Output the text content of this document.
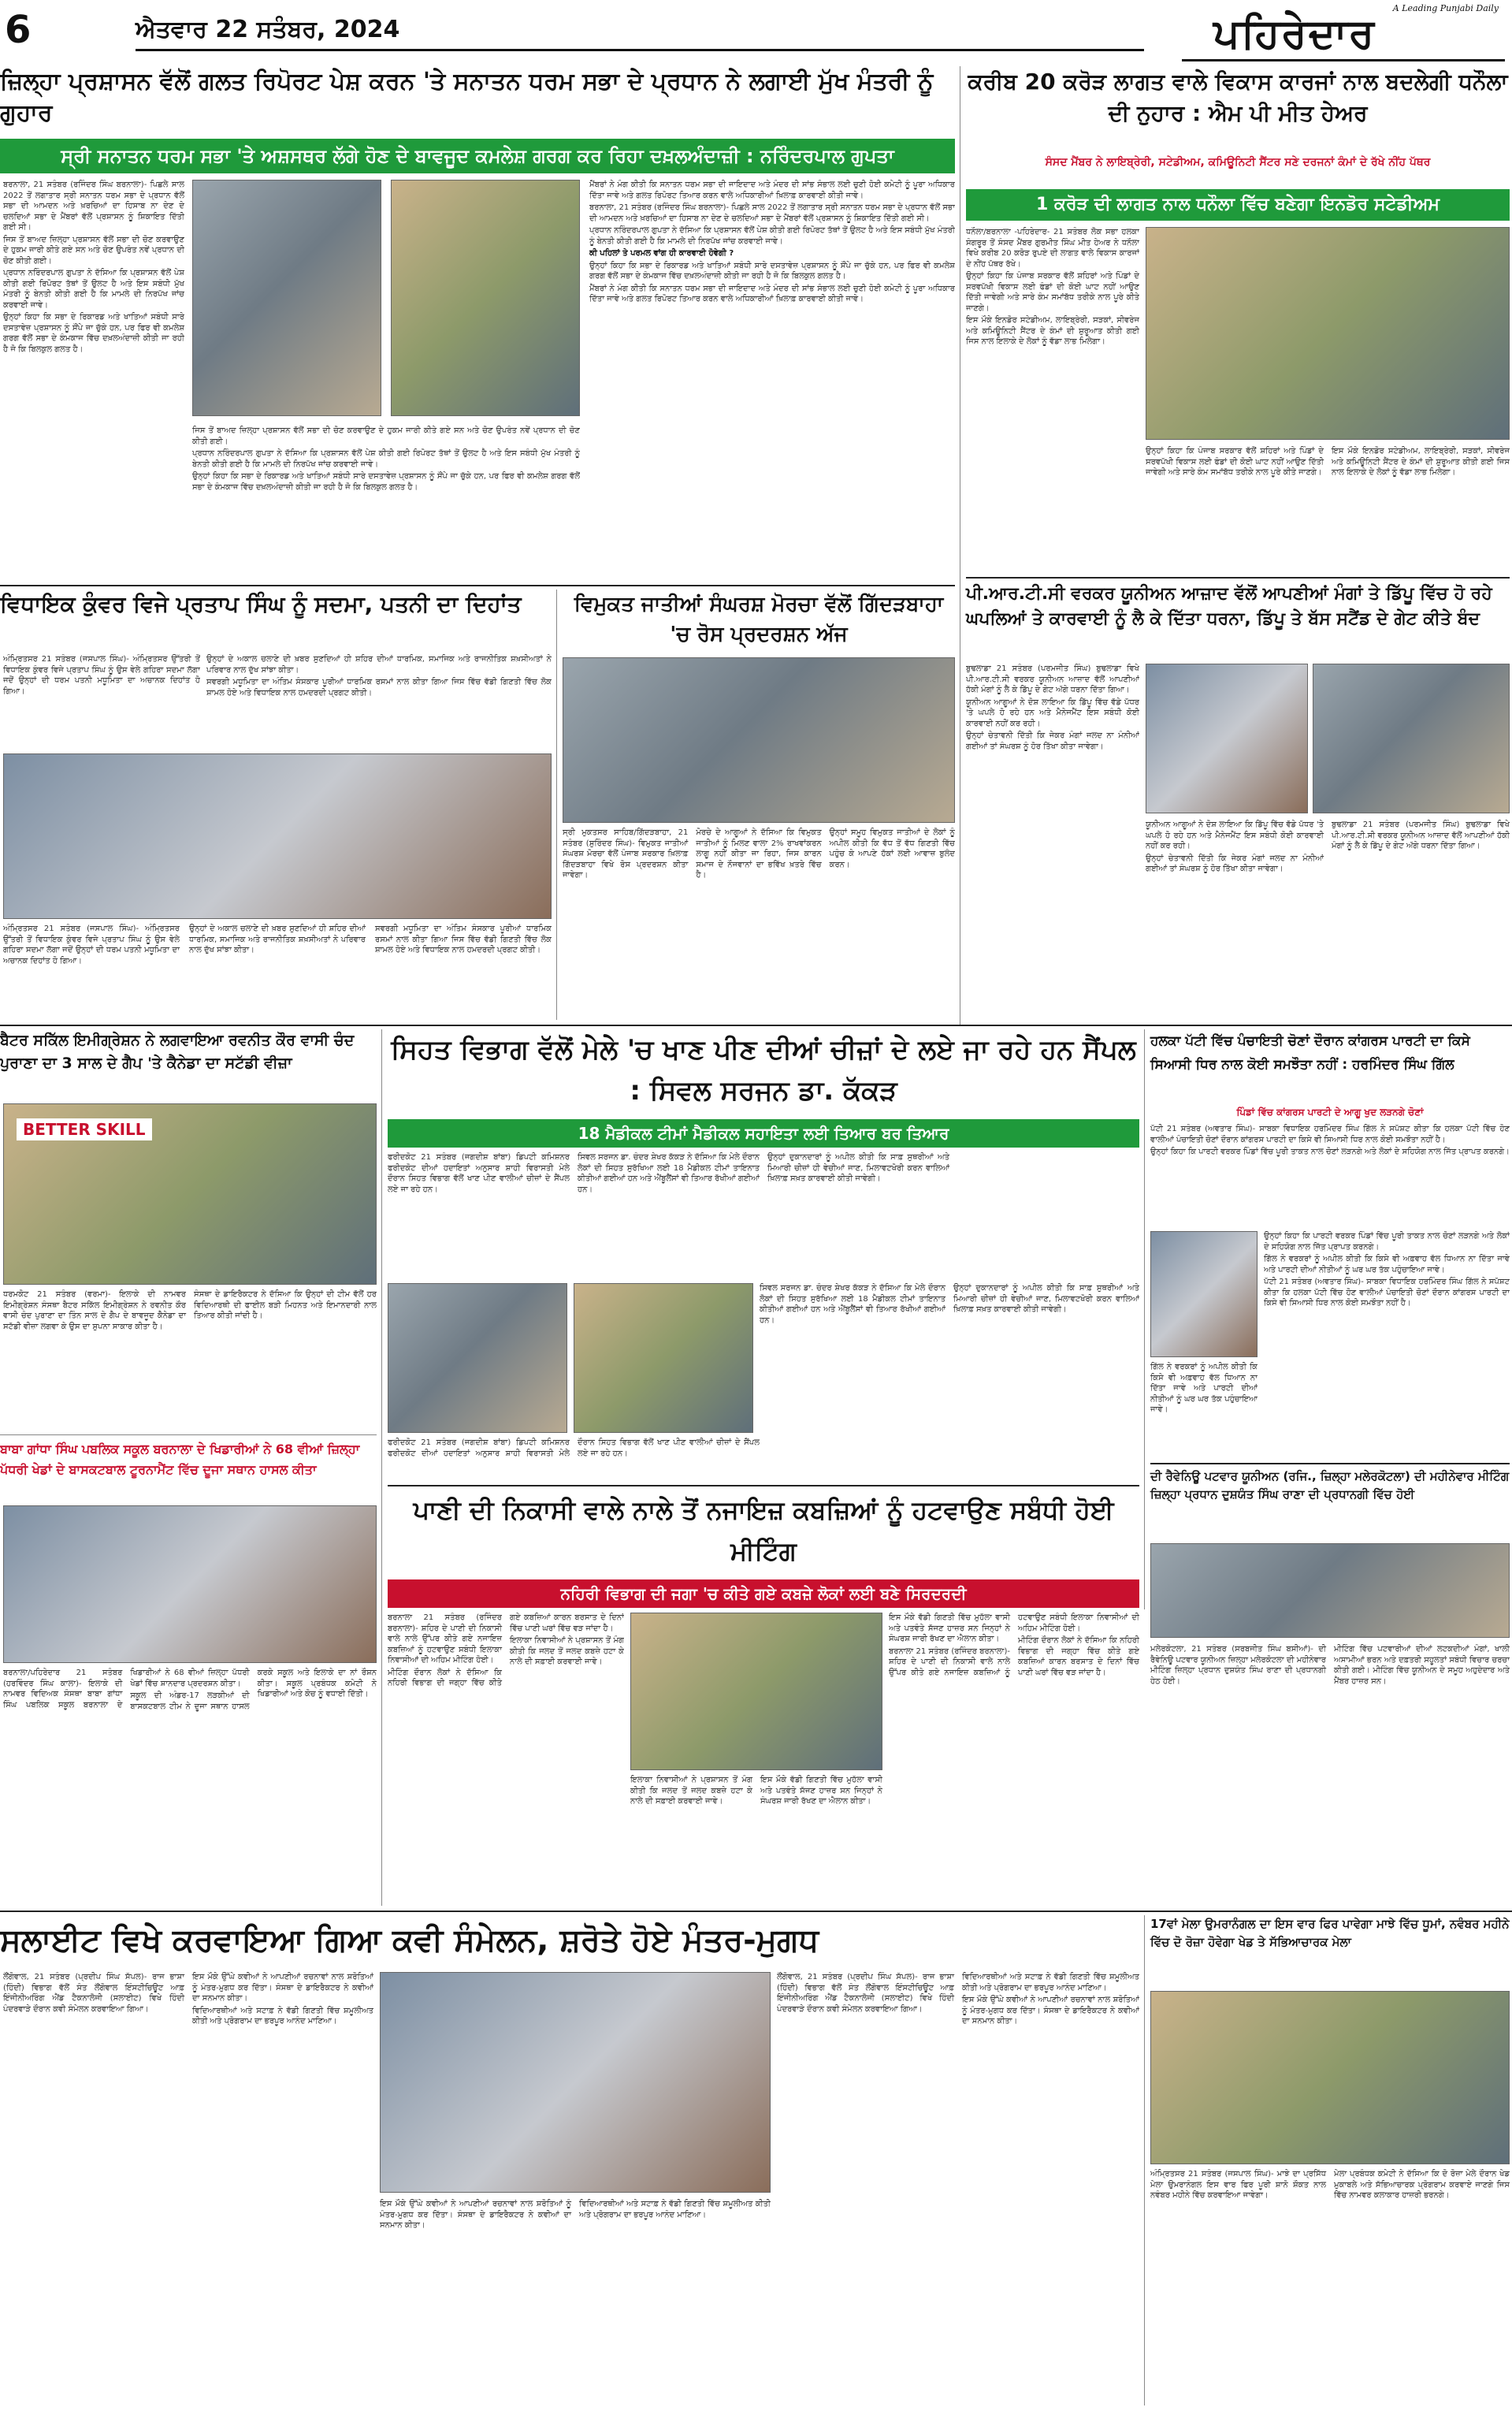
6	ਐਤਵਾਰ 22 ਸਤੰਬਰ, 2024
A Leading Punjabi Daily
ਪਹਿਰੇਦਾਰ
ਜ਼ਿਲ੍ਹਾ ਪ੍ਰਸ਼ਾਸਨ ਵੱਲੋਂ ਗਲਤ ਰਿਪੋਰਟ ਪੇਸ਼ ਕਰਨ 'ਤੇ ਸਨਾਤਨ ਧਰਮ ਸਭਾ ਦੇ ਪ੍ਰਧਾਨ ਨੇ ਲਗਾਈ ਮੁੱਖ ਮੰਤਰੀ ਨੂੰ ਗੁਹਾਰ
ਸ੍ਰੀ ਸਨਾਤਨ ਧਰਮ ਸਭਾ 'ਤੇ ਅਸ਼ਸਥਰ ਲੱਗੇ ਹੋਣ ਦੇ ਬਾਵਜੂਦ ਕਮਲੇਸ਼ ਗਰਗ ਕਰ ਰਿਹਾ ਦਖ਼ਲਅੰਦਾਜ਼ੀ : ਨਰਿੰਦਰਪਾਲ ਗੁਪਤਾ

ਬਰਨਾਲਾ, 21 ਸਤੰਬਰ (ਰਜਿੰਦਰ ਸਿੰਘ ਬਰਨਾਲਾ)- ਪਿਛਲੇ ਸਾਲ 2022 ਤੋਂ ਲਗਾਤਾਰ ਸ੍ਰੀ ਸਨਾਤਨ ਧਰਮ ਸਭਾ ਦੇ ਪ੍ਰਧਾਨ ਵੱਲੋਂ ਸਭਾ ਦੀ ਆਮਦਨ ਅਤੇ ਖ਼ਰਚਿਆਂ ਦਾ ਹਿਸਾਬ ਨਾ ਦੇਣ ਦੇ ਚਲਦਿਆਂ ਸਭਾ ਦੇ ਮੈਂਬਰਾਂ ਵੱਲੋਂ ਪ੍ਰਸ਼ਾਸਨ ਨੂੰ ਸ਼ਿਕਾਇਤ ਦਿੱਤੀ ਗਈ ਸੀ।

ਜਿਸ ਤੋਂ ਬਾਅਦ ਜ਼ਿਲ੍ਹਾ ਪ੍ਰਸ਼ਾਸਨ ਵੱਲੋਂ ਸਭਾ ਦੀ ਚੋਣ ਕਰਵਾਉਣ ਦੇ ਹੁਕਮ ਜਾਰੀ ਕੀਤੇ ਗਏ ਸਨ ਅਤੇ ਚੋਣ ਉਪਰੰਤ ਨਵੇਂ ਪ੍ਰਧਾਨ ਦੀ ਚੋਣ ਕੀਤੀ ਗਈ।

ਪ੍ਰਧਾਨ ਨਰਿੰਦਰਪਾਲ ਗੁਪਤਾ ਨੇ ਦੱਸਿਆ ਕਿ ਪ੍ਰਸ਼ਾਸਨ ਵੱਲੋਂ ਪੇਸ਼ ਕੀਤੀ ਗਈ ਰਿਪੋਰਟ ਤੱਥਾਂ ਤੋਂ ਉਲਟ ਹੈ ਅਤੇ ਇਸ ਸਬੰਧੀ ਮੁੱਖ ਮੰਤਰੀ ਨੂੰ ਬੇਨਤੀ ਕੀਤੀ ਗਈ ਹੈ ਕਿ ਮਾਮਲੇ ਦੀ ਨਿਰਪੱਖ ਜਾਂਚ ਕਰਵਾਈ ਜਾਵੇ।

ਉਨ੍ਹਾਂ ਕਿਹਾ ਕਿ ਸਭਾ ਦੇ ਰਿਕਾਰਡ ਅਤੇ ਖਾਤਿਆਂ ਸਬੰਧੀ ਸਾਰੇ ਦਸਤਾਵੇਜ਼ ਪ੍ਰਸ਼ਾਸਨ ਨੂੰ ਸੌਂਪੇ ਜਾ ਚੁੱਕੇ ਹਨ, ਪਰ ਫਿਰ ਵੀ ਕਮਲੇਸ਼ ਗਰਗ ਵੱਲੋਂ ਸਭਾ ਦੇ ਕੰਮਕਾਜ ਵਿੱਚ ਦਖ਼ਲਅੰਦਾਜ਼ੀ ਕੀਤੀ ਜਾ ਰਹੀ ਹੈ ਜੋ ਕਿ ਬਿਲਕੁਲ ਗਲਤ ਹੈ।

ਜਿਸ ਤੋਂ ਬਾਅਦ ਜ਼ਿਲ੍ਹਾ ਪ੍ਰਸ਼ਾਸਨ ਵੱਲੋਂ ਸਭਾ ਦੀ ਚੋਣ ਕਰਵਾਉਣ ਦੇ ਹੁਕਮ ਜਾਰੀ ਕੀਤੇ ਗਏ ਸਨ ਅਤੇ ਚੋਣ ਉਪਰੰਤ ਨਵੇਂ ਪ੍ਰਧਾਨ ਦੀ ਚੋਣ ਕੀਤੀ ਗਈ।

ਪ੍ਰਧਾਨ ਨਰਿੰਦਰਪਾਲ ਗੁਪਤਾ ਨੇ ਦੱਸਿਆ ਕਿ ਪ੍ਰਸ਼ਾਸਨ ਵੱਲੋਂ ਪੇਸ਼ ਕੀਤੀ ਗਈ ਰਿਪੋਰਟ ਤੱਥਾਂ ਤੋਂ ਉਲਟ ਹੈ ਅਤੇ ਇਸ ਸਬੰਧੀ ਮੁੱਖ ਮੰਤਰੀ ਨੂੰ ਬੇਨਤੀ ਕੀਤੀ ਗਈ ਹੈ ਕਿ ਮਾਮਲੇ ਦੀ ਨਿਰਪੱਖ ਜਾਂਚ ਕਰਵਾਈ ਜਾਵੇ।

ਉਨ੍ਹਾਂ ਕਿਹਾ ਕਿ ਸਭਾ ਦੇ ਰਿਕਾਰਡ ਅਤੇ ਖਾਤਿਆਂ ਸਬੰਧੀ ਸਾਰੇ ਦਸਤਾਵੇਜ਼ ਪ੍ਰਸ਼ਾਸਨ ਨੂੰ ਸੌਂਪੇ ਜਾ ਚੁੱਕੇ ਹਨ, ਪਰ ਫਿਰ ਵੀ ਕਮਲੇਸ਼ ਗਰਗ ਵੱਲੋਂ ਸਭਾ ਦੇ ਕੰਮਕਾਜ ਵਿੱਚ ਦਖ਼ਲਅੰਦਾਜ਼ੀ ਕੀਤੀ ਜਾ ਰਹੀ ਹੈ ਜੋ ਕਿ ਬਿਲਕੁਲ ਗਲਤ ਹੈ।

ਮੈਂਬਰਾਂ ਨੇ ਮੰਗ ਕੀਤੀ ਕਿ ਸਨਾਤਨ ਧਰਮ ਸਭਾ ਦੀ ਜਾਇਦਾਦ ਅਤੇ ਮੰਦਰ ਦੀ ਸਾਂਭ ਸੰਭਾਲ ਲਈ ਚੁਣੀ ਹੋਈ ਕਮੇਟੀ ਨੂੰ ਪੂਰਾ ਅਧਿਕਾਰ ਦਿੱਤਾ ਜਾਵੇ ਅਤੇ ਗਲਤ ਰਿਪੋਰਟ ਤਿਆਰ ਕਰਨ ਵਾਲੇ ਅਧਿਕਾਰੀਆਂ ਖ਼ਿਲਾਫ਼ ਕਾਰਵਾਈ ਕੀਤੀ ਜਾਵੇ।

ਬਰਨਾਲਾ, 21 ਸਤੰਬਰ (ਰਜਿੰਦਰ ਸਿੰਘ ਬਰਨਾਲਾ)- ਪਿਛਲੇ ਸਾਲ 2022 ਤੋਂ ਲਗਾਤਾਰ ਸ੍ਰੀ ਸਨਾਤਨ ਧਰਮ ਸਭਾ ਦੇ ਪ੍ਰਧਾਨ ਵੱਲੋਂ ਸਭਾ ਦੀ ਆਮਦਨ ਅਤੇ ਖ਼ਰਚਿਆਂ ਦਾ ਹਿਸਾਬ ਨਾ ਦੇਣ ਦੇ ਚਲਦਿਆਂ ਸਭਾ ਦੇ ਮੈਂਬਰਾਂ ਵੱਲੋਂ ਪ੍ਰਸ਼ਾਸਨ ਨੂੰ ਸ਼ਿਕਾਇਤ ਦਿੱਤੀ ਗਈ ਸੀ।

ਪ੍ਰਧਾਨ ਨਰਿੰਦਰਪਾਲ ਗੁਪਤਾ ਨੇ ਦੱਸਿਆ ਕਿ ਪ੍ਰਸ਼ਾਸਨ ਵੱਲੋਂ ਪੇਸ਼ ਕੀਤੀ ਗਈ ਰਿਪੋਰਟ ਤੱਥਾਂ ਤੋਂ ਉਲਟ ਹੈ ਅਤੇ ਇਸ ਸਬੰਧੀ ਮੁੱਖ ਮੰਤਰੀ ਨੂੰ ਬੇਨਤੀ ਕੀਤੀ ਗਈ ਹੈ ਕਿ ਮਾਮਲੇ ਦੀ ਨਿਰਪੱਖ ਜਾਂਚ ਕਰਵਾਈ ਜਾਵੇ।

ਕੀ ਪਹਿਲਾਂ ਤੇ ਪਰਮਲ ਵਾਂਗ ਹੀ ਕਾਰਵਾਈ ਹੋਵੇਗੀ ?

ਉਨ੍ਹਾਂ ਕਿਹਾ ਕਿ ਸਭਾ ਦੇ ਰਿਕਾਰਡ ਅਤੇ ਖਾਤਿਆਂ ਸਬੰਧੀ ਸਾਰੇ ਦਸਤਾਵੇਜ਼ ਪ੍ਰਸ਼ਾਸਨ ਨੂੰ ਸੌਂਪੇ ਜਾ ਚੁੱਕੇ ਹਨ, ਪਰ ਫਿਰ ਵੀ ਕਮਲੇਸ਼ ਗਰਗ ਵੱਲੋਂ ਸਭਾ ਦੇ ਕੰਮਕਾਜ ਵਿੱਚ ਦਖ਼ਲਅੰਦਾਜ਼ੀ ਕੀਤੀ ਜਾ ਰਹੀ ਹੈ ਜੋ ਕਿ ਬਿਲਕੁਲ ਗਲਤ ਹੈ।

ਮੈਂਬਰਾਂ ਨੇ ਮੰਗ ਕੀਤੀ ਕਿ ਸਨਾਤਨ ਧਰਮ ਸਭਾ ਦੀ ਜਾਇਦਾਦ ਅਤੇ ਮੰਦਰ ਦੀ ਸਾਂਭ ਸੰਭਾਲ ਲਈ ਚੁਣੀ ਹੋਈ ਕਮੇਟੀ ਨੂੰ ਪੂਰਾ ਅਧਿਕਾਰ ਦਿੱਤਾ ਜਾਵੇ ਅਤੇ ਗਲਤ ਰਿਪੋਰਟ ਤਿਆਰ ਕਰਨ ਵਾਲੇ ਅਧਿਕਾਰੀਆਂ ਖ਼ਿਲਾਫ਼ ਕਾਰਵਾਈ ਕੀਤੀ ਜਾਵੇ।

ਵਿਧਾਇਕ ਕੁੰਵਰ ਵਿਜੇ ਪ੍ਰਤਾਪ ਸਿੰਘ ਨੂੰ ਸਦਮਾ, ਪਤਨੀ ਦਾ ਦਿਹਾਂਤ

ਅੰਮ੍ਰਿਤਸਰ 21 ਸਤੰਬਰ (ਜਸਪਾਲ ਸਿੰਘ)- ਅੰਮ੍ਰਿਤਸਰ ਉੱਤਰੀ ਤੋਂ ਵਿਧਾਇਕ ਕੁੰਵਰ ਵਿਜੇ ਪ੍ਰਤਾਪ ਸਿੰਘ ਨੂੰ ਉਸ ਵੇਲੇ ਗਹਿਰਾ ਸਦਮਾ ਲੱਗਾ ਜਦੋਂ ਉਨ੍ਹਾਂ ਦੀ ਧਰਮ ਪਤਨੀ ਮਧੂਮਿਤਾ ਦਾ ਅਚਾਨਕ ਦਿਹਾਂਤ ਹੋ ਗਿਆ।

ਉਨ੍ਹਾਂ ਦੇ ਅਕਾਲ ਚਲਾਣੇ ਦੀ ਖ਼ਬਰ ਸੁਣਦਿਆਂ ਹੀ ਸ਼ਹਿਰ ਦੀਆਂ ਧਾਰਮਿਕ, ਸਮਾਜਿਕ ਅਤੇ ਰਾਜਨੀਤਿਕ ਸ਼ਖ਼ਸੀਅਤਾਂ ਨੇ ਪਰਿਵਾਰ ਨਾਲ ਦੁੱਖ ਸਾਂਝਾ ਕੀਤਾ।

ਸਵਰਗੀ ਮਧੂਮਿਤਾ ਦਾ ਅੰਤਿਮ ਸੰਸਕਾਰ ਪੂਰੀਆਂ ਧਾਰਮਿਕ ਰਸਮਾਂ ਨਾਲ ਕੀਤਾ ਗਿਆ ਜਿਸ ਵਿੱਚ ਵੱਡੀ ਗਿਣਤੀ ਵਿੱਚ ਲੋਕ ਸ਼ਾਮਲ ਹੋਏ ਅਤੇ ਵਿਧਾਇਕ ਨਾਲ ਹਮਦਰਦੀ ਪ੍ਰਗਟ ਕੀਤੀ।

ਅੰਮ੍ਰਿਤਸਰ 21 ਸਤੰਬਰ (ਜਸਪਾਲ ਸਿੰਘ)- ਅੰਮ੍ਰਿਤਸਰ ਉੱਤਰੀ ਤੋਂ ਵਿਧਾਇਕ ਕੁੰਵਰ ਵਿਜੇ ਪ੍ਰਤਾਪ ਸਿੰਘ ਨੂੰ ਉਸ ਵੇਲੇ ਗਹਿਰਾ ਸਦਮਾ ਲੱਗਾ ਜਦੋਂ ਉਨ੍ਹਾਂ ਦੀ ਧਰਮ ਪਤਨੀ ਮਧੂਮਿਤਾ ਦਾ ਅਚਾਨਕ ਦਿਹਾਂਤ ਹੋ ਗਿਆ।

ਉਨ੍ਹਾਂ ਦੇ ਅਕਾਲ ਚਲਾਣੇ ਦੀ ਖ਼ਬਰ ਸੁਣਦਿਆਂ ਹੀ ਸ਼ਹਿਰ ਦੀਆਂ ਧਾਰਮਿਕ, ਸਮਾਜਿਕ ਅਤੇ ਰਾਜਨੀਤਿਕ ਸ਼ਖ਼ਸੀਅਤਾਂ ਨੇ ਪਰਿਵਾਰ ਨਾਲ ਦੁੱਖ ਸਾਂਝਾ ਕੀਤਾ।

ਸਵਰਗੀ ਮਧੂਮਿਤਾ ਦਾ ਅੰਤਿਮ ਸੰਸਕਾਰ ਪੂਰੀਆਂ ਧਾਰਮਿਕ ਰਸਮਾਂ ਨਾਲ ਕੀਤਾ ਗਿਆ ਜਿਸ ਵਿੱਚ ਵੱਡੀ ਗਿਣਤੀ ਵਿੱਚ ਲੋਕ ਸ਼ਾਮਲ ਹੋਏ ਅਤੇ ਵਿਧਾਇਕ ਨਾਲ ਹਮਦਰਦੀ ਪ੍ਰਗਟ ਕੀਤੀ।

ਵਿਮੁਕਤ ਜਾਤੀਆਂ ਸੰਘਰਸ਼ ਮੋਰਚਾ ਵੱਲੋਂ ਗਿੱਦੜਬਾਹਾ 'ਚ ਰੋਸ ਪ੍ਰਦਰਸ਼ਨ ਅੱਜ

ਸ੍ਰੀ ਮੁਕਤਸਰ ਸਾਹਿਬ/ਗਿੱਦੜਬਾਹਾ, 21 ਸਤੰਬਰ (ਸੁਰਿੰਦਰ ਸਿੰਘ)- ਵਿਮੁਕਤ ਜਾਤੀਆਂ ਸੰਘਰਸ਼ ਮੋਰਚਾ ਵੱਲੋਂ ਪੰਜਾਬ ਸਰਕਾਰ ਖ਼ਿਲਾਫ਼ ਗਿੱਦੜਬਾਹਾ ਵਿਖੇ ਰੋਸ ਪ੍ਰਦਰਸ਼ਨ ਕੀਤਾ ਜਾਵੇਗਾ।

ਮੋਰਚੇ ਦੇ ਆਗੂਆਂ ਨੇ ਦੱਸਿਆ ਕਿ ਵਿਮੁਕਤ ਜਾਤੀਆਂ ਨੂੰ ਮਿਲਣ ਵਾਲਾ 2% ਰਾਖਵਾਂਕਰਨ ਲਾਗੂ ਨਹੀਂ ਕੀਤਾ ਜਾ ਰਿਹਾ, ਜਿਸ ਕਾਰਨ ਸਮਾਜ ਦੇ ਨੌਜਵਾਨਾਂ ਦਾ ਭਵਿੱਖ ਖ਼ਤਰੇ ਵਿੱਚ ਹੈ।

ਉਨ੍ਹਾਂ ਸਮੂਹ ਵਿਮੁਕਤ ਜਾਤੀਆਂ ਦੇ ਲੋਕਾਂ ਨੂੰ ਅਪੀਲ ਕੀਤੀ ਕਿ ਵੱਧ ਤੋਂ ਵੱਧ ਗਿਣਤੀ ਵਿੱਚ ਪਹੁੰਚ ਕੇ ਆਪਣੇ ਹੱਕਾਂ ਲਈ ਆਵਾਜ਼ ਬੁਲੰਦ ਕਰਨ।

ਕਰੀਬ 20 ਕਰੋੜ ਲਾਗਤ ਵਾਲੇ ਵਿਕਾਸ ਕਾਰਜਾਂ ਨਾਲ ਬਦਲੇਗੀ ਧਨੌਲਾ ਦੀ ਨੁਹਾਰ : ਐਮ ਪੀ ਮੀਤ ਹੇਅਰ
ਸੰਸਦ ਮੈਂਬਰ ਨੇ ਲਾਇਬ੍ਰੇਰੀ, ਸਟੇਡੀਅਮ, ਕਮਿਊਨਿਟੀ ਸੈਂਟਰ ਸਣੇ ਦਰਜਨਾਂ ਕੰਮਾਂ ਦੇ ਰੱਖੇ ਨੀਂਹ ਪੱਥਰ
1 ਕਰੋੜ ਦੀ ਲਾਗਤ ਨਾਲ ਧਨੌਲਾ ਵਿੱਚ ਬਣੇਗਾ ਇਨਡੋਰ ਸਟੇਡੀਅਮ

ਧਨੌਲਾ/ਬਰਨਾਲਾ -ਪਹਿਰੇਦਾਰ- 21 ਸਤੰਬਰ ਲੋਕ ਸਭਾ ਹਲਕਾ ਸੰਗਰੂਰ ਤੋਂ ਸੰਸਦ ਮੈਂਬਰ ਗੁਰਮੀਤ ਸਿੰਘ ਮੀਤ ਹੇਅਰ ਨੇ ਧਨੌਲਾ ਵਿਖੇ ਕਰੀਬ 20 ਕਰੋੜ ਰੁਪਏ ਦੀ ਲਾਗਤ ਵਾਲੇ ਵਿਕਾਸ ਕਾਰਜਾਂ ਦੇ ਨੀਂਹ ਪੱਥਰ ਰੱਖੇ।

ਉਨ੍ਹਾਂ ਕਿਹਾ ਕਿ ਪੰਜਾਬ ਸਰਕਾਰ ਵੱਲੋਂ ਸ਼ਹਿਰਾਂ ਅਤੇ ਪਿੰਡਾਂ ਦੇ ਸਰਵਪੱਖੀ ਵਿਕਾਸ ਲਈ ਫੰਡਾਂ ਦੀ ਕੋਈ ਘਾਟ ਨਹੀਂ ਆਉਣ ਦਿੱਤੀ ਜਾਵੇਗੀ ਅਤੇ ਸਾਰੇ ਕੰਮ ਸਮਾਂਬੱਧ ਤਰੀਕੇ ਨਾਲ ਪੂਰੇ ਕੀਤੇ ਜਾਣਗੇ।

ਇਸ ਮੌਕੇ ਇਨਡੋਰ ਸਟੇਡੀਅਮ, ਲਾਇਬ੍ਰੇਰੀ, ਸੜਕਾਂ, ਸੀਵਰੇਜ ਅਤੇ ਕਮਿਊਨਿਟੀ ਸੈਂਟਰ ਦੇ ਕੰਮਾਂ ਦੀ ਸ਼ੁਰੂਆਤ ਕੀਤੀ ਗਈ ਜਿਸ ਨਾਲ ਇਲਾਕੇ ਦੇ ਲੋਕਾਂ ਨੂੰ ਵੱਡਾ ਲਾਭ ਮਿਲੇਗਾ।

ਉਨ੍ਹਾਂ ਕਿਹਾ ਕਿ ਪੰਜਾਬ ਸਰਕਾਰ ਵੱਲੋਂ ਸ਼ਹਿਰਾਂ ਅਤੇ ਪਿੰਡਾਂ ਦੇ ਸਰਵਪੱਖੀ ਵਿਕਾਸ ਲਈ ਫੰਡਾਂ ਦੀ ਕੋਈ ਘਾਟ ਨਹੀਂ ਆਉਣ ਦਿੱਤੀ ਜਾਵੇਗੀ ਅਤੇ ਸਾਰੇ ਕੰਮ ਸਮਾਂਬੱਧ ਤਰੀਕੇ ਨਾਲ ਪੂਰੇ ਕੀਤੇ ਜਾਣਗੇ।

ਇਸ ਮੌਕੇ ਇਨਡੋਰ ਸਟੇਡੀਅਮ, ਲਾਇਬ੍ਰੇਰੀ, ਸੜਕਾਂ, ਸੀਵਰੇਜ ਅਤੇ ਕਮਿਊਨਿਟੀ ਸੈਂਟਰ ਦੇ ਕੰਮਾਂ ਦੀ ਸ਼ੁਰੂਆਤ ਕੀਤੀ ਗਈ ਜਿਸ ਨਾਲ ਇਲਾਕੇ ਦੇ ਲੋਕਾਂ ਨੂੰ ਵੱਡਾ ਲਾਭ ਮਿਲੇਗਾ।

ਪੀ.ਆਰ.ਟੀ.ਸੀ ਵਰਕਰ ਯੂਨੀਅਨ ਆਜ਼ਾਦ ਵੱਲੋਂ ਆਪਣੀਆਂ ਮੰਗਾਂ ਤੇ ਡਿੱਪੂ ਵਿੱਚ ਹੋ ਰਹੇ ਘਪਲਿਆਂ ਤੇ ਕਾਰਵਾਈ ਨੂੰ ਲੈ ਕੇ ਦਿੱਤਾ ਧਰਨਾ, ਡਿੱਪੂ ਤੇ ਬੱਸ ਸਟੈਂਡ ਦੇ ਗੇਟ ਕੀਤੇ ਬੰਦ

ਬੁਢਲਾਡਾ 21 ਸਤੰਬਰ (ਪਰਮਜੀਤ ਸਿੰਘ) ਬੁਢਲਾਡਾ ਵਿਖੇ ਪੀ.ਆਰ.ਟੀ.ਸੀ ਵਰਕਰ ਯੂਨੀਅਨ ਆਜ਼ਾਦ ਵੱਲੋਂ ਆਪਣੀਆਂ ਹੱਕੀ ਮੰਗਾਂ ਨੂੰ ਲੈ ਕੇ ਡਿੱਪੂ ਦੇ ਗੇਟ ਅੱਗੇ ਧਰਨਾ ਦਿੱਤਾ ਗਿਆ।

ਯੂਨੀਅਨ ਆਗੂਆਂ ਨੇ ਦੋਸ਼ ਲਾਇਆ ਕਿ ਡਿੱਪੂ ਵਿੱਚ ਵੱਡੇ ਪੱਧਰ 'ਤੇ ਘਪਲੇ ਹੋ ਰਹੇ ਹਨ ਅਤੇ ਮੈਨੇਜਮੈਂਟ ਇਸ ਸਬੰਧੀ ਕੋਈ ਕਾਰਵਾਈ ਨਹੀਂ ਕਰ ਰਹੀ।

ਉਨ੍ਹਾਂ ਚੇਤਾਵਨੀ ਦਿੱਤੀ ਕਿ ਜੇਕਰ ਮੰਗਾਂ ਜਲਦ ਨਾ ਮੰਨੀਆਂ ਗਈਆਂ ਤਾਂ ਸੰਘਰਸ਼ ਨੂੰ ਹੋਰ ਤਿੱਖਾ ਕੀਤਾ ਜਾਵੇਗਾ।

ਯੂਨੀਅਨ ਆਗੂਆਂ ਨੇ ਦੋਸ਼ ਲਾਇਆ ਕਿ ਡਿੱਪੂ ਵਿੱਚ ਵੱਡੇ ਪੱਧਰ 'ਤੇ ਘਪਲੇ ਹੋ ਰਹੇ ਹਨ ਅਤੇ ਮੈਨੇਜਮੈਂਟ ਇਸ ਸਬੰਧੀ ਕੋਈ ਕਾਰਵਾਈ ਨਹੀਂ ਕਰ ਰਹੀ।

ਉਨ੍ਹਾਂ ਚੇਤਾਵਨੀ ਦਿੱਤੀ ਕਿ ਜੇਕਰ ਮੰਗਾਂ ਜਲਦ ਨਾ ਮੰਨੀਆਂ ਗਈਆਂ ਤਾਂ ਸੰਘਰਸ਼ ਨੂੰ ਹੋਰ ਤਿੱਖਾ ਕੀਤਾ ਜਾਵੇਗਾ।

ਬੁਢਲਾਡਾ 21 ਸਤੰਬਰ (ਪਰਮਜੀਤ ਸਿੰਘ) ਬੁਢਲਾਡਾ ਵਿਖੇ ਪੀ.ਆਰ.ਟੀ.ਸੀ ਵਰਕਰ ਯੂਨੀਅਨ ਆਜ਼ਾਦ ਵੱਲੋਂ ਆਪਣੀਆਂ ਹੱਕੀ ਮੰਗਾਂ ਨੂੰ ਲੈ ਕੇ ਡਿੱਪੂ ਦੇ ਗੇਟ ਅੱਗੇ ਧਰਨਾ ਦਿੱਤਾ ਗਿਆ।

ਬੈਟਰ ਸਕਿੱਲ ਇਮੀਗ੍ਰੇਸ਼ਨ ਨੇ ਲਗਵਾਇਆ ਰਵਨੀਤ ਕੌਰ ਵਾਸੀ ਚੰਦ ਪੁਰਾਣਾ ਦਾ 3 ਸਾਲ ਦੇ ਗੈਪ 'ਤੇ ਕੈਨੇਡਾ ਦਾ ਸਟੱਡੀ ਵੀਜ਼ਾ
BETTER SKILL

ਧਰਮਕੋਟ 21 ਸਤੰਬਰ (ਵਰਮਾ)- ਇਲਾਕੇ ਦੀ ਨਾਮਵਰ ਇਮੀਗ੍ਰੇਸ਼ਨ ਸੰਸਥਾ ਬੈਟਰ ਸਕਿੱਲ ਇਮੀਗ੍ਰੇਸ਼ਨ ਨੇ ਰਵਨੀਤ ਕੌਰ ਵਾਸੀ ਚੰਦ ਪੁਰਾਣਾ ਦਾ ਤਿੰਨ ਸਾਲ ਦੇ ਗੈਪ ਦੇ ਬਾਵਜੂਦ ਕੈਨੇਡਾ ਦਾ ਸਟੱਡੀ ਵੀਜ਼ਾ ਲਗਵਾ ਕੇ ਉਸ ਦਾ ਸੁਪਨਾ ਸਾਕਾਰ ਕੀਤਾ ਹੈ।

ਸੰਸਥਾ ਦੇ ਡਾਇਰੈਕਟਰ ਨੇ ਦੱਸਿਆ ਕਿ ਉਨ੍ਹਾਂ ਦੀ ਟੀਮ ਵੱਲੋਂ ਹਰ ਵਿਦਿਆਰਥੀ ਦੀ ਫਾਈਲ ਬੜੀ ਮਿਹਨਤ ਅਤੇ ਇਮਾਨਦਾਰੀ ਨਾਲ ਤਿਆਰ ਕੀਤੀ ਜਾਂਦੀ ਹੈ।

ਬਾਬਾ ਗਾਂਧਾ ਸਿੰਘ ਪਬਲਿਕ ਸਕੂਲ ਬਰਨਾਲਾ ਦੇ ਖਿਡਾਰੀਆਂ ਨੇ 68 ਵੀਆਂ ਜ਼ਿਲ੍ਹਾ ਪੱਧਰੀ ਖੇਡਾਂ ਦੇ ਬਾਸਕਟਬਾਲ ਟੂਰਨਾਮੈਂਟ ਵਿੱਚ ਦੂਜਾ ਸਥਾਨ ਹਾਸਲ ਕੀਤਾ

ਬਰਨਾਲਾ/ਪਹਿਰੇਦਾਰ 21 ਸਤੰਬਰ (ਹਰਵਿੰਦਰ ਸਿੰਘ ਕਾਲਾ)- ਇਲਾਕੇ ਦੀ ਨਾਮਵਰ ਵਿਦਿਅਕ ਸੰਸਥਾ ਬਾਬਾ ਗਾਂਧਾ ਸਿੰਘ ਪਬਲਿਕ ਸਕੂਲ ਬਰਨਾਲਾ ਦੇ ਖਿਡਾਰੀਆਂ ਨੇ 68 ਵੀਆਂ ਜ਼ਿਲ੍ਹਾ ਪੱਧਰੀ ਖੇਡਾਂ ਵਿੱਚ ਸ਼ਾਨਦਾਰ ਪ੍ਰਦਰਸ਼ਨ ਕੀਤਾ।

ਸਕੂਲ ਦੀ ਅੰਡਰ-17 ਲੜਕੀਆਂ ਦੀ ਬਾਸਕਟਬਾਲ ਟੀਮ ਨੇ ਦੂਜਾ ਸਥਾਨ ਹਾਸਲ ਕਰਕੇ ਸਕੂਲ ਅਤੇ ਇਲਾਕੇ ਦਾ ਨਾਂ ਰੌਸ਼ਨ ਕੀਤਾ। ਸਕੂਲ ਪ੍ਰਬੰਧਕ ਕਮੇਟੀ ਨੇ ਖਿਡਾਰੀਆਂ ਅਤੇ ਕੋਚ ਨੂੰ ਵਧਾਈ ਦਿੱਤੀ।

ਸਿਹਤ ਵਿਭਾਗ ਵੱਲੋਂ ਮੇਲੇ 'ਚ ਖਾਣ ਪੀਣ ਦੀਆਂ ਚੀਜ਼ਾਂ ਦੇ ਲਏ ਜਾ ਰਹੇ ਹਨ ਸੈਂਪਲ : ਸਿਵਲ ਸਰਜਨ ਡਾ. ਕੱਕੜ
18 ਮੈਡੀਕਲ ਟੀਮਾਂ ਮੈਡੀਕਲ ਸਹਾਇਤਾ ਲਈ ਤਿਆਰ ਬਰ ਤਿਆਰ

ਫਰੀਦਕੋਟ 21 ਸਤੰਬਰ (ਜਗਦੀਸ਼ ਬਾਂਬਾ) ਡਿਪਟੀ ਕਮਿਸ਼ਨਰ ਫਰੀਦਕੋਟ ਦੀਆਂ ਹਦਾਇਤਾਂ ਅਨੁਸਾਰ ਸ਼ਾਹੀ ਵਿਰਾਸਤੀ ਮੇਲੇ ਦੌਰਾਨ ਸਿਹਤ ਵਿਭਾਗ ਵੱਲੋਂ ਖਾਣ ਪੀਣ ਵਾਲੀਆਂ ਚੀਜ਼ਾਂ ਦੇ ਸੈਂਪਲ ਲਏ ਜਾ ਰਹੇ ਹਨ।

ਸਿਵਲ ਸਰਜਨ ਡਾ. ਚੰਦਰ ਸ਼ੇਖਰ ਕੱਕੜ ਨੇ ਦੱਸਿਆ ਕਿ ਮੇਲੇ ਦੌਰਾਨ ਲੋਕਾਂ ਦੀ ਸਿਹਤ ਸੁਰੱਖਿਆ ਲਈ 18 ਮੈਡੀਕਲ ਟੀਮਾਂ ਤਾਇਨਾਤ ਕੀਤੀਆਂ ਗਈਆਂ ਹਨ ਅਤੇ ਐਂਬੂਲੈਂਸਾਂ ਵੀ ਤਿਆਰ ਰੱਖੀਆਂ ਗਈਆਂ ਹਨ।

ਉਨ੍ਹਾਂ ਦੁਕਾਨਦਾਰਾਂ ਨੂੰ ਅਪੀਲ ਕੀਤੀ ਕਿ ਸਾਫ਼ ਸੁਥਰੀਆਂ ਅਤੇ ਮਿਆਰੀ ਚੀਜ਼ਾਂ ਹੀ ਵੇਚੀਆਂ ਜਾਣ, ਮਿਲਾਵਟਖੋਰੀ ਕਰਨ ਵਾਲਿਆਂ ਖ਼ਿਲਾਫ਼ ਸਖ਼ਤ ਕਾਰਵਾਈ ਕੀਤੀ ਜਾਵੇਗੀ।

ਸਿਵਲ ਸਰਜਨ ਡਾ. ਚੰਦਰ ਸ਼ੇਖਰ ਕੱਕੜ ਨੇ ਦੱਸਿਆ ਕਿ ਮੇਲੇ ਦੌਰਾਨ ਲੋਕਾਂ ਦੀ ਸਿਹਤ ਸੁਰੱਖਿਆ ਲਈ 18 ਮੈਡੀਕਲ ਟੀਮਾਂ ਤਾਇਨਾਤ ਕੀਤੀਆਂ ਗਈਆਂ ਹਨ ਅਤੇ ਐਂਬੂਲੈਂਸਾਂ ਵੀ ਤਿਆਰ ਰੱਖੀਆਂ ਗਈਆਂ ਹਨ।

ਉਨ੍ਹਾਂ ਦੁਕਾਨਦਾਰਾਂ ਨੂੰ ਅਪੀਲ ਕੀਤੀ ਕਿ ਸਾਫ਼ ਸੁਥਰੀਆਂ ਅਤੇ ਮਿਆਰੀ ਚੀਜ਼ਾਂ ਹੀ ਵੇਚੀਆਂ ਜਾਣ, ਮਿਲਾਵਟਖੋਰੀ ਕਰਨ ਵਾਲਿਆਂ ਖ਼ਿਲਾਫ਼ ਸਖ਼ਤ ਕਾਰਵਾਈ ਕੀਤੀ ਜਾਵੇਗੀ।

ਫਰੀਦਕੋਟ 21 ਸਤੰਬਰ (ਜਗਦੀਸ਼ ਬਾਂਬਾ) ਡਿਪਟੀ ਕਮਿਸ਼ਨਰ ਫਰੀਦਕੋਟ ਦੀਆਂ ਹਦਾਇਤਾਂ ਅਨੁਸਾਰ ਸ਼ਾਹੀ ਵਿਰਾਸਤੀ ਮੇਲੇ ਦੌਰਾਨ ਸਿਹਤ ਵਿਭਾਗ ਵੱਲੋਂ ਖਾਣ ਪੀਣ ਵਾਲੀਆਂ ਚੀਜ਼ਾਂ ਦੇ ਸੈਂਪਲ ਲਏ ਜਾ ਰਹੇ ਹਨ।

ਹਲਕਾ ਪੱਟੀ ਵਿੱਚ ਪੰਚਾਇਤੀ ਚੋਣਾਂ ਦੌਰਾਨ ਕਾਂਗਰਸ ਪਾਰਟੀ ਦਾ ਕਿਸੇ ਸਿਆਸੀ ਧਿਰ ਨਾਲ ਕੋਈ ਸਮਝੌਤਾ ਨਹੀਂ : ਹਰਮਿੰਦਰ ਸਿੰਘ ਗਿੱਲ
ਪਿੰਡਾਂ ਵਿੱਚ ਕਾਂਗਰਸ ਪਾਰਟੀ ਦੇ ਆਗੂ ਖੁਦ ਲੜਨਗੇ ਚੋਣਾਂ

ਪੱਟੀ 21 ਸਤੰਬਰ (ਅਵਤਾਰ ਸਿੰਘ)- ਸਾਬਕਾ ਵਿਧਾਇਕ ਹਰਮਿੰਦਰ ਸਿੰਘ ਗਿੱਲ ਨੇ ਸਪੱਸ਼ਟ ਕੀਤਾ ਕਿ ਹਲਕਾ ਪੱਟੀ ਵਿੱਚ ਹੋਣ ਵਾਲੀਆਂ ਪੰਚਾਇਤੀ ਚੋਣਾਂ ਦੌਰਾਨ ਕਾਂਗਰਸ ਪਾਰਟੀ ਦਾ ਕਿਸੇ ਵੀ ਸਿਆਸੀ ਧਿਰ ਨਾਲ ਕੋਈ ਸਮਝੌਤਾ ਨਹੀਂ ਹੈ।

ਉਨ੍ਹਾਂ ਕਿਹਾ ਕਿ ਪਾਰਟੀ ਵਰਕਰ ਪਿੰਡਾਂ ਵਿੱਚ ਪੂਰੀ ਤਾਕਤ ਨਾਲ ਚੋਣਾਂ ਲੜਨਗੇ ਅਤੇ ਲੋਕਾਂ ਦੇ ਸਹਿਯੋਗ ਨਾਲ ਜਿੱਤ ਪ੍ਰਾਪਤ ਕਰਨਗੇ।

ਉਨ੍ਹਾਂ ਕਿਹਾ ਕਿ ਪਾਰਟੀ ਵਰਕਰ ਪਿੰਡਾਂ ਵਿੱਚ ਪੂਰੀ ਤਾਕਤ ਨਾਲ ਚੋਣਾਂ ਲੜਨਗੇ ਅਤੇ ਲੋਕਾਂ ਦੇ ਸਹਿਯੋਗ ਨਾਲ ਜਿੱਤ ਪ੍ਰਾਪਤ ਕਰਨਗੇ।

ਗਿੱਲ ਨੇ ਵਰਕਰਾਂ ਨੂੰ ਅਪੀਲ ਕੀਤੀ ਕਿ ਕਿਸੇ ਵੀ ਅਫ਼ਵਾਹ ਵੱਲ ਧਿਆਨ ਨਾ ਦਿੱਤਾ ਜਾਵੇ ਅਤੇ ਪਾਰਟੀ ਦੀਆਂ ਨੀਤੀਆਂ ਨੂੰ ਘਰ ਘਰ ਤੱਕ ਪਹੁੰਚਾਇਆ ਜਾਵੇ।

ਪੱਟੀ 21 ਸਤੰਬਰ (ਅਵਤਾਰ ਸਿੰਘ)- ਸਾਬਕਾ ਵਿਧਾਇਕ ਹਰਮਿੰਦਰ ਸਿੰਘ ਗਿੱਲ ਨੇ ਸਪੱਸ਼ਟ ਕੀਤਾ ਕਿ ਹਲਕਾ ਪੱਟੀ ਵਿੱਚ ਹੋਣ ਵਾਲੀਆਂ ਪੰਚਾਇਤੀ ਚੋਣਾਂ ਦੌਰਾਨ ਕਾਂਗਰਸ ਪਾਰਟੀ ਦਾ ਕਿਸੇ ਵੀ ਸਿਆਸੀ ਧਿਰ ਨਾਲ ਕੋਈ ਸਮਝੌਤਾ ਨਹੀਂ ਹੈ।

ਗਿੱਲ ਨੇ ਵਰਕਰਾਂ ਨੂੰ ਅਪੀਲ ਕੀਤੀ ਕਿ ਕਿਸੇ ਵੀ ਅਫ਼ਵਾਹ ਵੱਲ ਧਿਆਨ ਨਾ ਦਿੱਤਾ ਜਾਵੇ ਅਤੇ ਪਾਰਟੀ ਦੀਆਂ ਨੀਤੀਆਂ ਨੂੰ ਘਰ ਘਰ ਤੱਕ ਪਹੁੰਚਾਇਆ ਜਾਵੇ।

ਦੀ ਰੈਵੇਨਿਊ ਪਟਵਾਰ ਯੂਨੀਅਨ (ਰਜਿ., ਜ਼ਿਲ੍ਹਾ ਮਲੇਰਕੋਟਲਾ) ਦੀ ਮਹੀਨੇਵਾਰ ਮੀਟਿੰਗ ਜ਼ਿਲ੍ਹਾ ਪ੍ਰਧਾਨ ਦੁਸ਼ਯੰਤ ਸਿੰਘ ਰਾਣਾ ਦੀ ਪ੍ਰਧਾਨਗੀ ਵਿੱਚ ਹੋਈ

ਮਲੇਰਕੋਟਲਾ, 21 ਸਤੰਬਰ (ਸਰਬਜੀਤ ਸਿੰਘ ਬਸੀਆਂ)- ਦੀ ਰੈਵੇਨਿਊ ਪਟਵਾਰ ਯੂਨੀਅਨ ਜ਼ਿਲ੍ਹਾ ਮਲੇਰਕੋਟਲਾ ਦੀ ਮਹੀਨੇਵਾਰ ਮੀਟਿੰਗ ਜ਼ਿਲ੍ਹਾ ਪ੍ਰਧਾਨ ਦੁਸ਼ਯੰਤ ਸਿੰਘ ਰਾਣਾ ਦੀ ਪ੍ਰਧਾਨਗੀ ਹੇਠ ਹੋਈ।

ਮੀਟਿੰਗ ਵਿੱਚ ਪਟਵਾਰੀਆਂ ਦੀਆਂ ਲਟਕਦੀਆਂ ਮੰਗਾਂ, ਖਾਲੀ ਅਸਾਮੀਆਂ ਭਰਨ ਅਤੇ ਦਫ਼ਤਰੀ ਸਹੂਲਤਾਂ ਸਬੰਧੀ ਵਿਚਾਰ ਚਰਚਾ ਕੀਤੀ ਗਈ। ਮੀਟਿੰਗ ਵਿੱਚ ਯੂਨੀਅਨ ਦੇ ਸਮੂਹ ਅਹੁਦੇਦਾਰ ਅਤੇ ਮੈਂਬਰ ਹਾਜ਼ਰ ਸਨ।

ਪਾਣੀ ਦੀ ਨਿਕਾਸੀ ਵਾਲੇ ਨਾਲੇ ਤੋਂ ਨਜਾਇਜ਼ ਕਬਜ਼ਿਆਂ ਨੂੰ ਹਟਵਾਉਣ ਸਬੰਧੀ ਹੋਈ ਮੀਟਿੰਗ
ਨਹਿਰੀ ਵਿਭਾਗ ਦੀ ਜਗਾ 'ਚ ਕੀਤੇ ਗਏ ਕਬਜ਼ੇ ਲੋਕਾਂ ਲਈ ਬਣੇ ਸਿਰਦਰਦੀ

ਬਰਨਾਲਾ 21 ਸਤੰਬਰ (ਰਜਿੰਦਰ ਬਰਨਾਲਾ)- ਸ਼ਹਿਰ ਦੇ ਪਾਣੀ ਦੀ ਨਿਕਾਸੀ ਵਾਲੇ ਨਾਲੇ ਉੱਪਰ ਕੀਤੇ ਗਏ ਨਜਾਇਜ਼ ਕਬਜ਼ਿਆਂ ਨੂੰ ਹਟਵਾਉਣ ਸਬੰਧੀ ਇਲਾਕਾ ਨਿਵਾਸੀਆਂ ਦੀ ਅਹਿਮ ਮੀਟਿੰਗ ਹੋਈ।

ਮੀਟਿੰਗ ਦੌਰਾਨ ਲੋਕਾਂ ਨੇ ਦੱਸਿਆ ਕਿ ਨਹਿਰੀ ਵਿਭਾਗ ਦੀ ਜਗ੍ਹਾ ਵਿੱਚ ਕੀਤੇ ਗਏ ਕਬਜ਼ਿਆਂ ਕਾਰਨ ਬਰਸਾਤ ਦੇ ਦਿਨਾਂ ਵਿੱਚ ਪਾਣੀ ਘਰਾਂ ਵਿੱਚ ਵੜ ਜਾਂਦਾ ਹੈ।

ਇਲਾਕਾ ਨਿਵਾਸੀਆਂ ਨੇ ਪ੍ਰਸ਼ਾਸਨ ਤੋਂ ਮੰਗ ਕੀਤੀ ਕਿ ਜਲਦ ਤੋਂ ਜਲਦ ਕਬਜ਼ੇ ਹਟਾ ਕੇ ਨਾਲੇ ਦੀ ਸਫ਼ਾਈ ਕਰਵਾਈ ਜਾਵੇ।

ਇਲਾਕਾ ਨਿਵਾਸੀਆਂ ਨੇ ਪ੍ਰਸ਼ਾਸਨ ਤੋਂ ਮੰਗ ਕੀਤੀ ਕਿ ਜਲਦ ਤੋਂ ਜਲਦ ਕਬਜ਼ੇ ਹਟਾ ਕੇ ਨਾਲੇ ਦੀ ਸਫ਼ਾਈ ਕਰਵਾਈ ਜਾਵੇ।

ਇਸ ਮੌਕੇ ਵੱਡੀ ਗਿਣਤੀ ਵਿੱਚ ਮੁਹੱਲਾ ਵਾਸੀ ਅਤੇ ਪਤਵੰਤੇ ਸੱਜਣ ਹਾਜ਼ਰ ਸਨ ਜਿਨ੍ਹਾਂ ਨੇ ਸੰਘਰਸ਼ ਜਾਰੀ ਰੱਖਣ ਦਾ ਐਲਾਨ ਕੀਤਾ।

ਇਸ ਮੌਕੇ ਵੱਡੀ ਗਿਣਤੀ ਵਿੱਚ ਮੁਹੱਲਾ ਵਾਸੀ ਅਤੇ ਪਤਵੰਤੇ ਸੱਜਣ ਹਾਜ਼ਰ ਸਨ ਜਿਨ੍ਹਾਂ ਨੇ ਸੰਘਰਸ਼ ਜਾਰੀ ਰੱਖਣ ਦਾ ਐਲਾਨ ਕੀਤਾ।

ਬਰਨਾਲਾ 21 ਸਤੰਬਰ (ਰਜਿੰਦਰ ਬਰਨਾਲਾ)- ਸ਼ਹਿਰ ਦੇ ਪਾਣੀ ਦੀ ਨਿਕਾਸੀ ਵਾਲੇ ਨਾਲੇ ਉੱਪਰ ਕੀਤੇ ਗਏ ਨਜਾਇਜ਼ ਕਬਜ਼ਿਆਂ ਨੂੰ ਹਟਵਾਉਣ ਸਬੰਧੀ ਇਲਾਕਾ ਨਿਵਾਸੀਆਂ ਦੀ ਅਹਿਮ ਮੀਟਿੰਗ ਹੋਈ।

ਮੀਟਿੰਗ ਦੌਰਾਨ ਲੋਕਾਂ ਨੇ ਦੱਸਿਆ ਕਿ ਨਹਿਰੀ ਵਿਭਾਗ ਦੀ ਜਗ੍ਹਾ ਵਿੱਚ ਕੀਤੇ ਗਏ ਕਬਜ਼ਿਆਂ ਕਾਰਨ ਬਰਸਾਤ ਦੇ ਦਿਨਾਂ ਵਿੱਚ ਪਾਣੀ ਘਰਾਂ ਵਿੱਚ ਵੜ ਜਾਂਦਾ ਹੈ।

ਸਲਾਈਟ ਵਿਖੇ ਕਰਵਾਇਆ ਗਿਆ ਕਵੀ ਸੰਮੇਲਨ, ਸ਼ਰੋਤੇ ਹੋਏ ਮੰਤਰ-ਮੁਗਧ

ਲੌਂਗੋਵਾਲ, 21 ਸਤੰਬਰ (ਪ੍ਰਦੀਪ ਸਿੰਘ ਸੱਪਲ)- ਰਾਜ ਭਾਸ਼ਾ (ਹਿੰਦੀ) ਵਿਭਾਗ ਵੱਲੋਂ ਸੰਤ ਲੌਂਗੋਵਾਲ ਇੰਸਟੀਚਿਊਟ ਆਫ਼ ਇੰਜੀਨੀਅਰਿੰਗ ਐਂਡ ਟੈਕਨਾਲੋਜੀ (ਸਲਾਈਟ) ਵਿਖੇ ਹਿੰਦੀ ਪੰਦਰਵਾੜੇ ਦੌਰਾਨ ਕਵੀ ਸੰਮੇਲਨ ਕਰਵਾਇਆ ਗਿਆ।

ਇਸ ਮੌਕੇ ਉੱਘੇ ਕਵੀਆਂ ਨੇ ਆਪਣੀਆਂ ਰਚਨਾਵਾਂ ਨਾਲ ਸ਼ਰੋਤਿਆਂ ਨੂੰ ਮੰਤਰ-ਮੁਗਧ ਕਰ ਦਿੱਤਾ। ਸੰਸਥਾ ਦੇ ਡਾਇਰੈਕਟਰ ਨੇ ਕਵੀਆਂ ਦਾ ਸਨਮਾਨ ਕੀਤਾ।

ਵਿਦਿਆਰਥੀਆਂ ਅਤੇ ਸਟਾਫ਼ ਨੇ ਵੱਡੀ ਗਿਣਤੀ ਵਿੱਚ ਸ਼ਮੂਲੀਅਤ ਕੀਤੀ ਅਤੇ ਪ੍ਰੋਗਰਾਮ ਦਾ ਭਰਪੂਰ ਆਨੰਦ ਮਾਣਿਆ।

ਇਸ ਮੌਕੇ ਉੱਘੇ ਕਵੀਆਂ ਨੇ ਆਪਣੀਆਂ ਰਚਨਾਵਾਂ ਨਾਲ ਸ਼ਰੋਤਿਆਂ ਨੂੰ ਮੰਤਰ-ਮੁਗਧ ਕਰ ਦਿੱਤਾ। ਸੰਸਥਾ ਦੇ ਡਾਇਰੈਕਟਰ ਨੇ ਕਵੀਆਂ ਦਾ ਸਨਮਾਨ ਕੀਤਾ।

ਵਿਦਿਆਰਥੀਆਂ ਅਤੇ ਸਟਾਫ਼ ਨੇ ਵੱਡੀ ਗਿਣਤੀ ਵਿੱਚ ਸ਼ਮੂਲੀਅਤ ਕੀਤੀ ਅਤੇ ਪ੍ਰੋਗਰਾਮ ਦਾ ਭਰਪੂਰ ਆਨੰਦ ਮਾਣਿਆ।

ਲੌਂਗੋਵਾਲ, 21 ਸਤੰਬਰ (ਪ੍ਰਦੀਪ ਸਿੰਘ ਸੱਪਲ)- ਰਾਜ ਭਾਸ਼ਾ (ਹਿੰਦੀ) ਵਿਭਾਗ ਵੱਲੋਂ ਸੰਤ ਲੌਂਗੋਵਾਲ ਇੰਸਟੀਚਿਊਟ ਆਫ਼ ਇੰਜੀਨੀਅਰਿੰਗ ਐਂਡ ਟੈਕਨਾਲੋਜੀ (ਸਲਾਈਟ) ਵਿਖੇ ਹਿੰਦੀ ਪੰਦਰਵਾੜੇ ਦੌਰਾਨ ਕਵੀ ਸੰਮੇਲਨ ਕਰਵਾਇਆ ਗਿਆ।

ਵਿਦਿਆਰਥੀਆਂ ਅਤੇ ਸਟਾਫ਼ ਨੇ ਵੱਡੀ ਗਿਣਤੀ ਵਿੱਚ ਸ਼ਮੂਲੀਅਤ ਕੀਤੀ ਅਤੇ ਪ੍ਰੋਗਰਾਮ ਦਾ ਭਰਪੂਰ ਆਨੰਦ ਮਾਣਿਆ।

ਇਸ ਮੌਕੇ ਉੱਘੇ ਕਵੀਆਂ ਨੇ ਆਪਣੀਆਂ ਰਚਨਾਵਾਂ ਨਾਲ ਸ਼ਰੋਤਿਆਂ ਨੂੰ ਮੰਤਰ-ਮੁਗਧ ਕਰ ਦਿੱਤਾ। ਸੰਸਥਾ ਦੇ ਡਾਇਰੈਕਟਰ ਨੇ ਕਵੀਆਂ ਦਾ ਸਨਮਾਨ ਕੀਤਾ।

17ਵਾਂ ਮੇਲਾ ਉਮਰਾਨੰਗਲ ਦਾ ਇਸ ਵਾਰ ਫਿਰ ਪਾਵੇਗਾ ਮਾਝੇ ਵਿੱਚ ਧੂਮਾਂ, ਨਵੰਬਰ ਮਹੀਨੇ ਵਿੱਚ ਦੋ ਰੋਜ਼ਾ ਹੋਵੇਗਾ ਖੇਡ ਤੇ ਸੱਭਿਆਚਾਰਕ ਮੇਲਾ

ਅੰਮ੍ਰਿਤਸਰ 21 ਸਤੰਬਰ (ਜਸਪਾਲ ਸਿੰਘ)- ਮਾਝੇ ਦਾ ਪ੍ਰਸਿੱਧ ਮੇਲਾ ਉਮਰਾਨੰਗਲ ਇਸ ਵਾਰ ਫਿਰ ਪੂਰੀ ਸ਼ਾਨੋ ਸ਼ੌਕਤ ਨਾਲ ਨਵੰਬਰ ਮਹੀਨੇ ਵਿੱਚ ਕਰਵਾਇਆ ਜਾਵੇਗਾ।

ਮੇਲਾ ਪ੍ਰਬੰਧਕ ਕਮੇਟੀ ਨੇ ਦੱਸਿਆ ਕਿ ਦੋ ਰੋਜ਼ਾ ਮੇਲੇ ਦੌਰਾਨ ਖੇਡ ਮੁਕਾਬਲੇ ਅਤੇ ਸੱਭਿਆਚਾਰਕ ਪ੍ਰੋਗਰਾਮ ਕਰਵਾਏ ਜਾਣਗੇ ਜਿਸ ਵਿੱਚ ਨਾਮਵਰ ਕਲਾਕਾਰ ਹਾਜ਼ਰੀ ਭਰਨਗੇ।
